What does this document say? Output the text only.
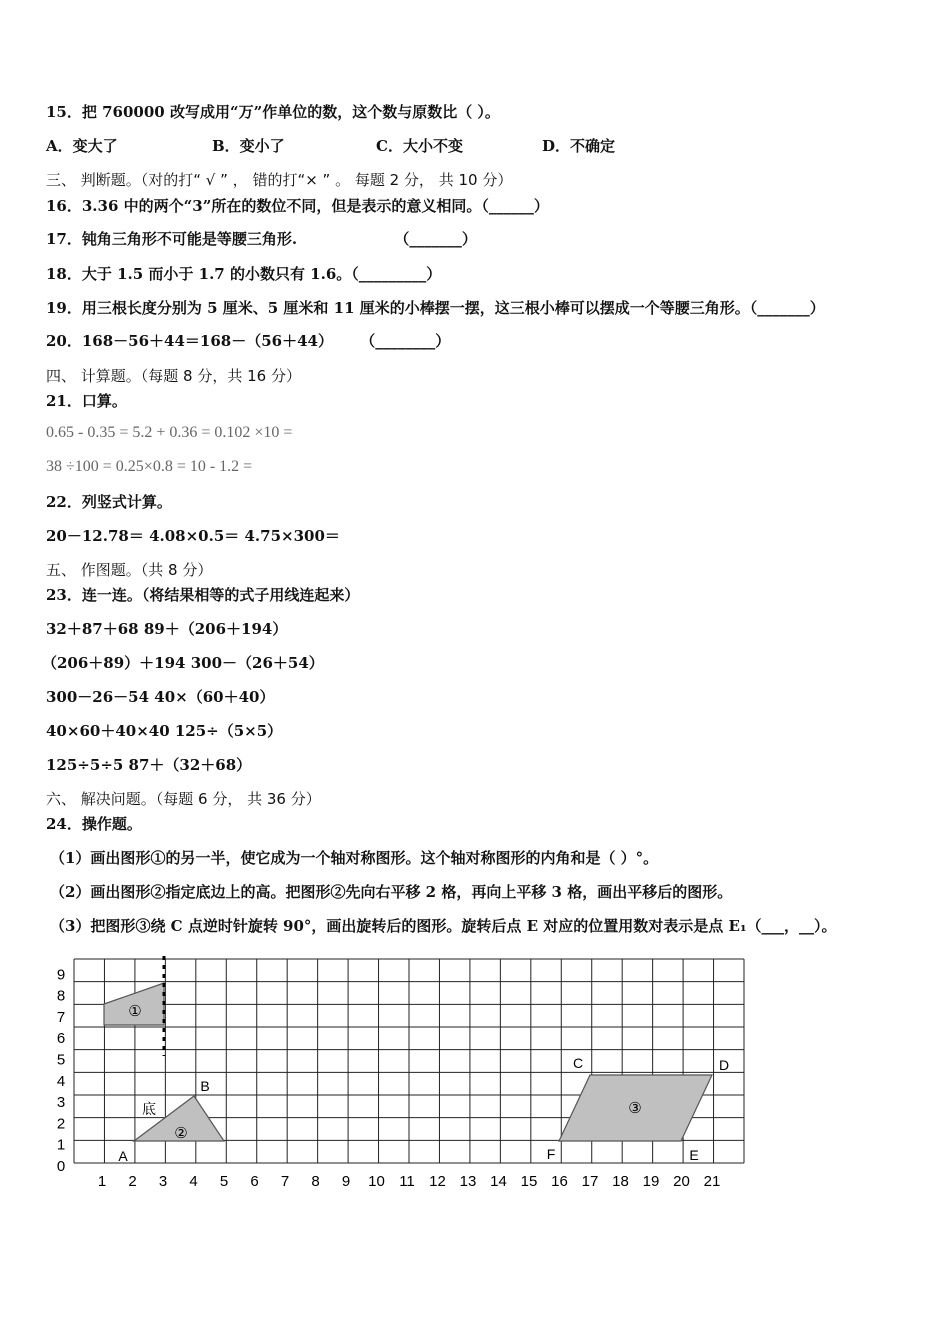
15．把 760000 改写成用“万”作单位的数，这个数与原数比（ ）。
A．变大了	B．变小了	C．大小不变	D．不确定
三、 判断题。（对的打“ √ ” ， 错的打“× ” 。 每题 2 分， 共 10 分）
16．3.36 中的两个“3”所在的数位不同，但是表示的意义相同。（______）
17．钝角三角形不可能是等腰三角形.	（_______）
18．大于 1.5 而小于 1.7 的小数只有 1.6。（_________）
19．用三根长度分别为 5 厘米、5 厘米和 11 厘米的小棒摆一摆，这三根小棒可以摆成一个等腰三角形。（_______）
20．168－56＋44＝168－（56＋44） （________）
四、 计算题。（每题 8 分，共 16 分）
21．口算。
0.65 - 0.35 = 5.2 + 0.36 = 0.102 ×10 =
38 ÷100 = 0.25×0.8 = 10 - 1.2 =
22．列竖式计算。
20－12.78＝ 4.08×0.5＝ 4.75×300＝
五、 作图题。（共 8 分）
23．连一连。（将结果相等的式子用线连起来）
32＋87＋68 89＋（206＋194）
（206＋89）＋194 300－（26＋54）
300－26－54 40×（60＋40）
40×60＋40×40 125÷（5×5）
125÷5÷5 87＋（32＋68）
六、 解决问题。（每题 6 分， 共 36 分）
24．操作题。
（1）画出图形①的另一半，使它成为一个轴对称图形。这个轴对称图形的内角和是（ ）°。
（2）画出图形②指定底边上的高。把图形②先向右平移 2 格，再向上平移 3 格，画出平移后的图形。
（3）把图形③绕 C 点逆时针旋转 90°，画出旋转后的图形。旋转后点 E 对应的位置用数对表示是点 E₁（___，__）。
①
②
③
底
A
B
C	D
E
F
1 2 3 4 5 6 7 8 9 10 11 12 13 14 15 16 17 18 19 20 21
0
1
2
3
4
5
6
7
8
9
